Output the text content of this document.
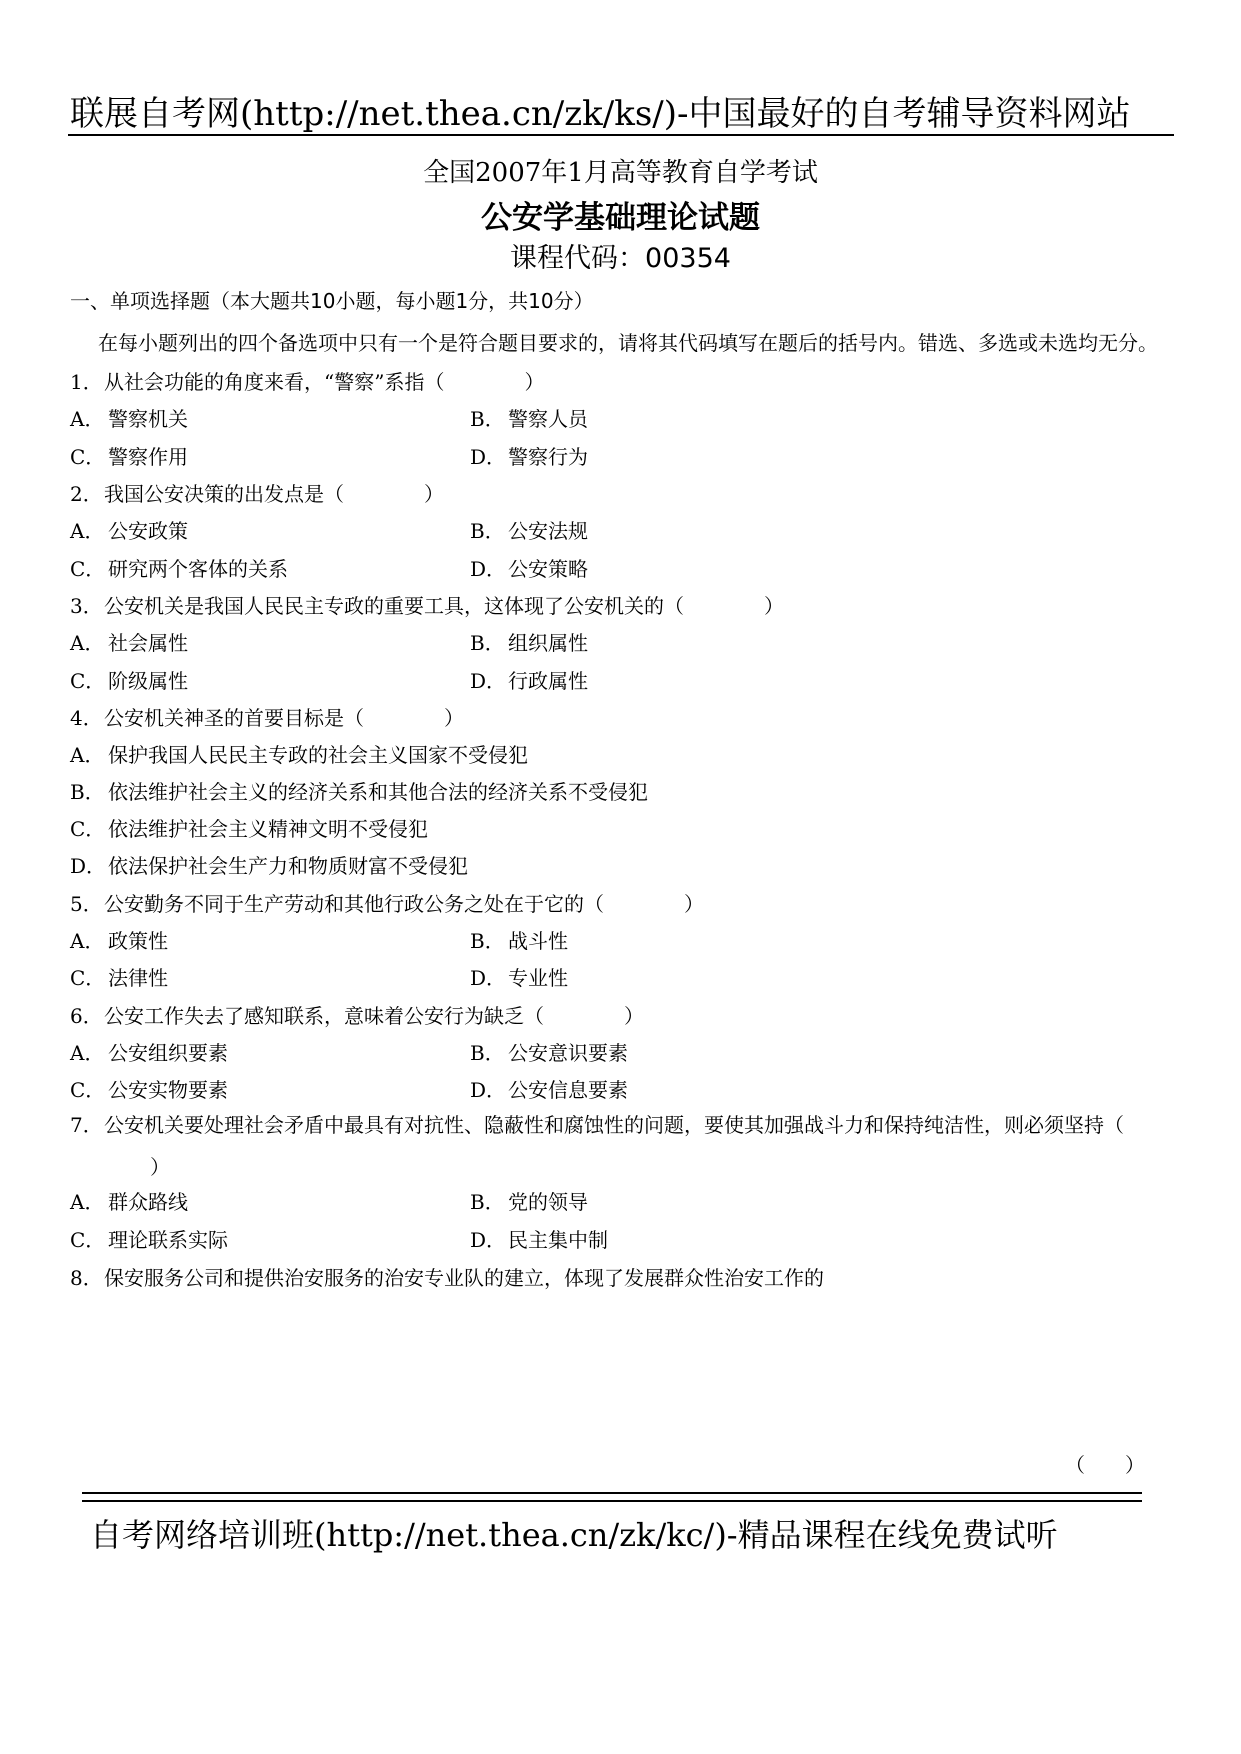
联展自考网(http://net.thea.cn/zk/ks/)-中国最好的自考辅导资料网站
全国2007年1月高等教育自学考试
公安学基础理论试题
课程代码：00354
一、单项选择题（本大题共10小题，每小题1分，共10分）
在每小题列出的四个备选项中只有一个是符合题目要求的，请将其代码填写在题后的括号内。错选、多选或未选均无分。
1．从社会功能的角度来看，“警察”系指（	）
A． 警察机关	B． 警察人员
C． 警察作用	D．警察行为
2．我国公安决策的出发点是（	）
A． 公安政策	B． 公安法规
C． 研究两个客体的关系	D．公安策略
3．公安机关是我国人民民主专政的重要工具，这体现了公安机关的（	）
A． 社会属性	B． 组织属性
C． 阶级属性	D．行政属性
4．公安机关神圣的首要目标是（	）
A． 保护我国人民民主专政的社会主义国家不受侵犯
B． 依法维护社会主义的经济关系和其他合法的经济关系不受侵犯
C． 依法维护社会主义精神文明不受侵犯
D．依法保护社会生产力和物质财富不受侵犯
5．公安勤务不同于生产劳动和其他行政公务之处在于它的（	）
A． 政策性	B． 战斗性
C． 法律性	D．专业性
6．公安工作失去了感知联系，意味着公安行为缺乏（	）
A． 公安组织要素	B． 公安意识要素
C． 公安实物要素	D．公安信息要素
7．公安机关要处理社会矛盾中最具有对抗性、隐蔽性和腐蚀性的问题，要使其加强战斗力和保持纯洁性，则必须坚持（）
A． 群众路线	B． 党的领导
C． 理论联系实际	D．民主集中制
8．保安服务公司和提供治安服务的治安专业队的建立，体现了发展群众性治安工作的
（　　）
自考网络培训班(http://net.thea.cn/zk/kc/)-精品课程在线免费试听
